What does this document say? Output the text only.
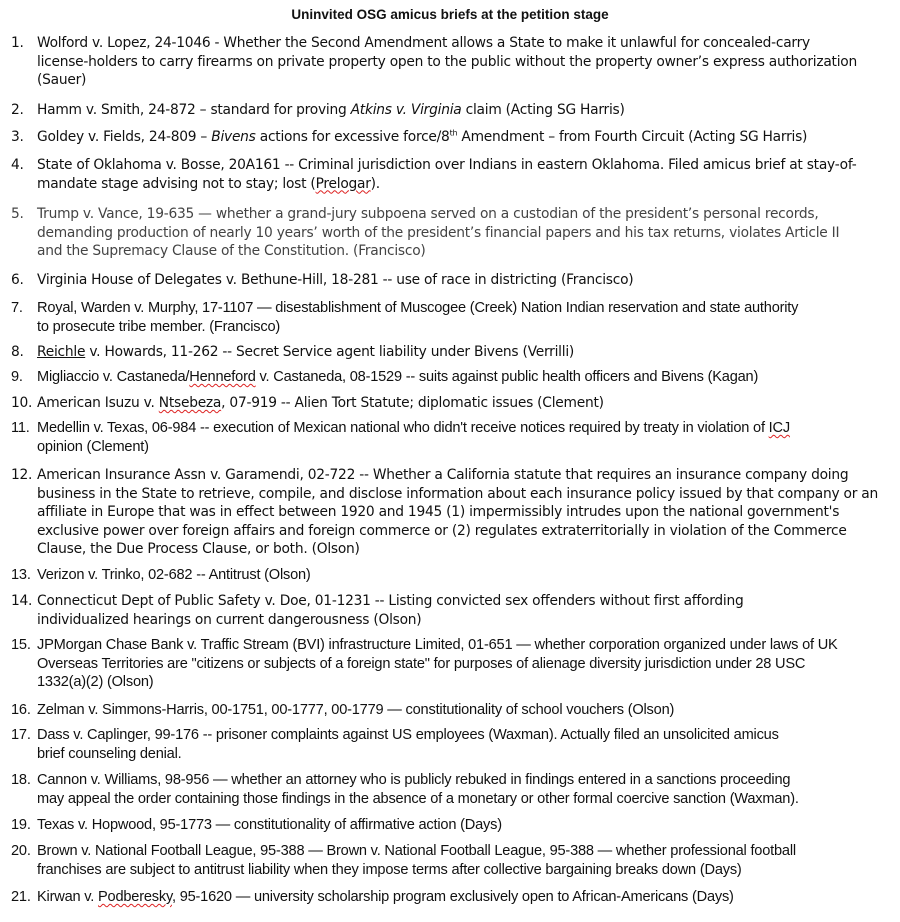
Uninvited OSG amicus briefs at the petition stage
1. Wolford v. Lopez, 24-1046 - Whether the Second Amendment allows a State to make it unlawful for concealed-carry
license-holders to carry firearms on private property open to the public without the property owner’s express authorization
(Sauer)
2. Hamm v. Smith, 24-872 – standard for proving Atkins v. Virginia claim (Acting SG Harris)
3. Goldey v. Fields, 24-809 – Bivens actions for excessive force/8th Amendment – from Fourth Circuit (Acting SG Harris)
4. State of Oklahoma v. Bosse, 20A161 -- Criminal jurisdiction over Indians in eastern Oklahoma. Filed amicus brief at stay-of-
mandate stage advising not to stay; lost (Prelogar).
5. Trump v. Vance, 19-635 — whether a grand-jury subpoena served on a custodian of the president’s personal records,
demanding production of nearly 10 years’ worth of the president’s financial papers and his tax returns, violates Article II
and the Supremacy Clause of the Constitution. (Francisco)
6. Virginia House of Delegates v. Bethune-Hill, 18-281 -- use of race in districting (Francisco)
7. Royal, Warden v. Murphy, 17-1107 — disestablishment of Muscogee (Creek) Nation Indian reservation and state authority
to prosecute tribe member. (Francisco)
8. Reichle v. Howards, 11-262 -- Secret Service agent liability under Bivens (Verrilli)
9. Migliaccio v. Castaneda/Henneford v. Castaneda, 08-1529 -- suits against public health officers and Bivens (Kagan)
10. American Isuzu v. Ntsebeza, 07-919 -- Alien Tort Statute; diplomatic issues (Clement)
11. Medellin v. Texas, 06-984 -- execution of Mexican national who didn't receive notices required by treaty in violation of ICJ
opinion (Clement)
12. American Insurance Assn v. Garamendi, 02-722 -- Whether a California statute that requires an insurance company doing
business in the State to retrieve, compile, and disclose information about each insurance policy issued by that company or an
affiliate in Europe that was in effect between 1920 and 1945 (1) impermissibly intrudes upon the national government's
exclusive power over foreign affairs and foreign commerce or (2) regulates extraterritorially in violation of the Commerce
Clause, the Due Process Clause, or both. (Olson)
13. Verizon v. Trinko, 02-682 -- Antitrust (Olson)
14. Connecticut Dept of Public Safety v. Doe, 01-1231 -- Listing convicted sex offenders without first affording
individualized hearings on current dangerousness (Olson)
15. JPMorgan Chase Bank v. Traffic Stream (BVI) infrastructure Limited, 01-651 — whether corporation organized under laws of UK
Overseas Territories are "citizens or subjects of a foreign state" for purposes of alienage diversity jurisdiction under 28 USC
1332(a)(2) (Olson)
16. Zelman v. Simmons-Harris, 00-1751, 00-1777, 00-1779 — constitutionality of school vouchers (Olson)
17. Dass v. Caplinger, 99-176 -- prisoner complaints against US employees (Waxman). Actually filed an unsolicited amicus
brief counseling denial.
18. Cannon v. Williams, 98-956 — whether an attorney who is publicly rebuked in findings entered in a sanctions proceeding
may appeal the order containing those findings in the absence of a monetary or other formal coercive sanction (Waxman).
19. Texas v. Hopwood, 95-1773 — constitutionality of affirmative action (Days)
20. Brown v. National Football League, 95-388 — Brown v. National Football League, 95-388 — whether professional football
franchises are subject to antitrust liability when they impose terms after collective bargaining breaks down (Days)
21. Kirwan v. Podberesky, 95-1620 — university scholarship program exclusively open to African-Americans (Days)
